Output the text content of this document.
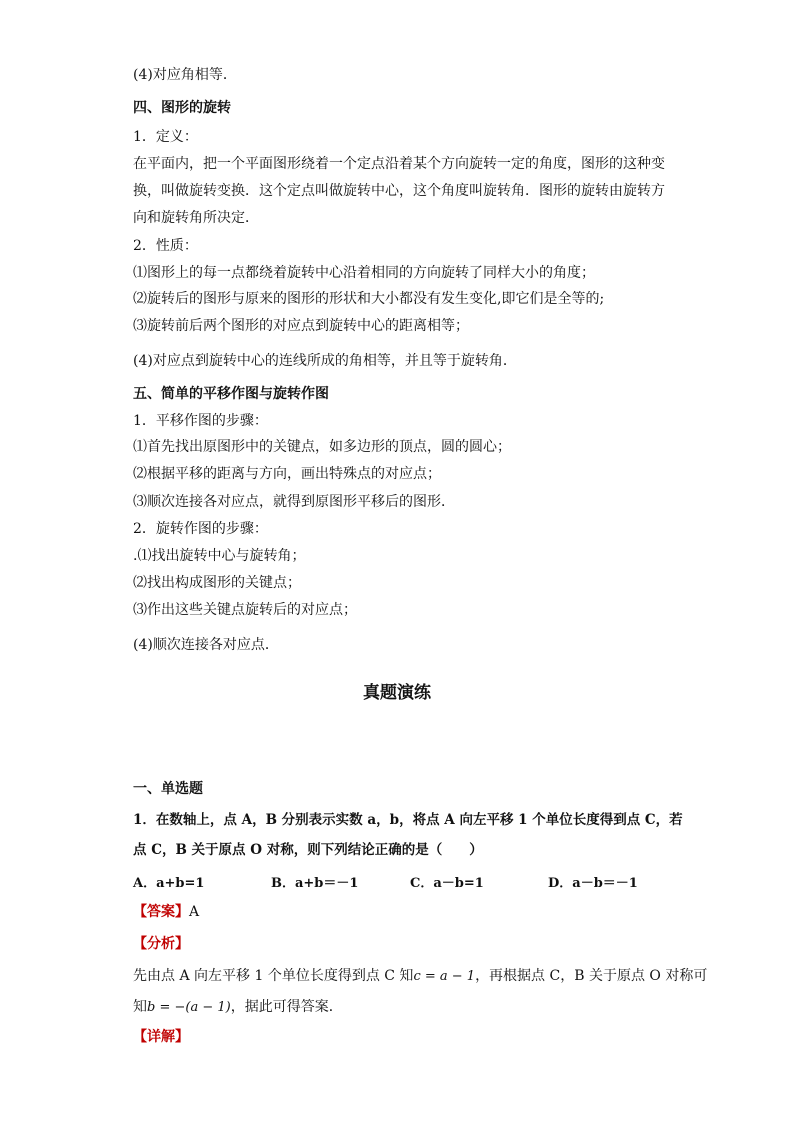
(4)对应角相等．
四、图形的旋转
1．定义：
在平面内，把一个平面图形绕着一个定点沿着某个方向旋转一定的角度，图形的这种变
换，叫做旋转变换．这个定点叫做旋转中心，这个角度叫旋转角．图形的旋转由旋转方
向和旋转角所决定．
2．性质：
⑴图形上的每一点都绕着旋转中心沿着相同的方向旋转了同样大小的角度；
⑵旋转后的图形与原来的图形的形状和大小都没有发生变化,即它们是全等的;
⑶旋转前后两个图形的对应点到旋转中心的距离相等；
(4)对应点到旋转中心的连线所成的角相等，并且等于旋转角．
五、简单的平移作图与旋转作图
1．平移作图的步骤：
⑴首先找出原图形中的关键点，如多边形的顶点，圆的圆心；
⑵根据平移的距离与方向，画出特殊点的对应点；
⑶顺次连接各对应点，就得到原图形平移后的图形．
2．旋转作图的步骤：
.⑴找出旋转中心与旋转角；
⑵找出构成图形的关键点；
⑶作出这些关键点旋转后的对应点；
(4)顺次连接各对应点．
真题演练
一、单选题
1．在数轴上，点 A，B 分别表示实数 a，b，将点 A 向左平移 1 个单位长度得到点 C，若
点 C，B 关于原点 O 对称，则下列结论正确的是（　　）
A．a+b=1	B．a+b＝－1	C．a－b=1	D．a－b＝－1
【答案】A
【分析】
先由点 A 向左平移 1 个单位长度得到点 C 知c = a − 1，再根据点 C，B 关于原点 O 对称可
知b = −(a − 1)，据此可得答案．
【详解】
